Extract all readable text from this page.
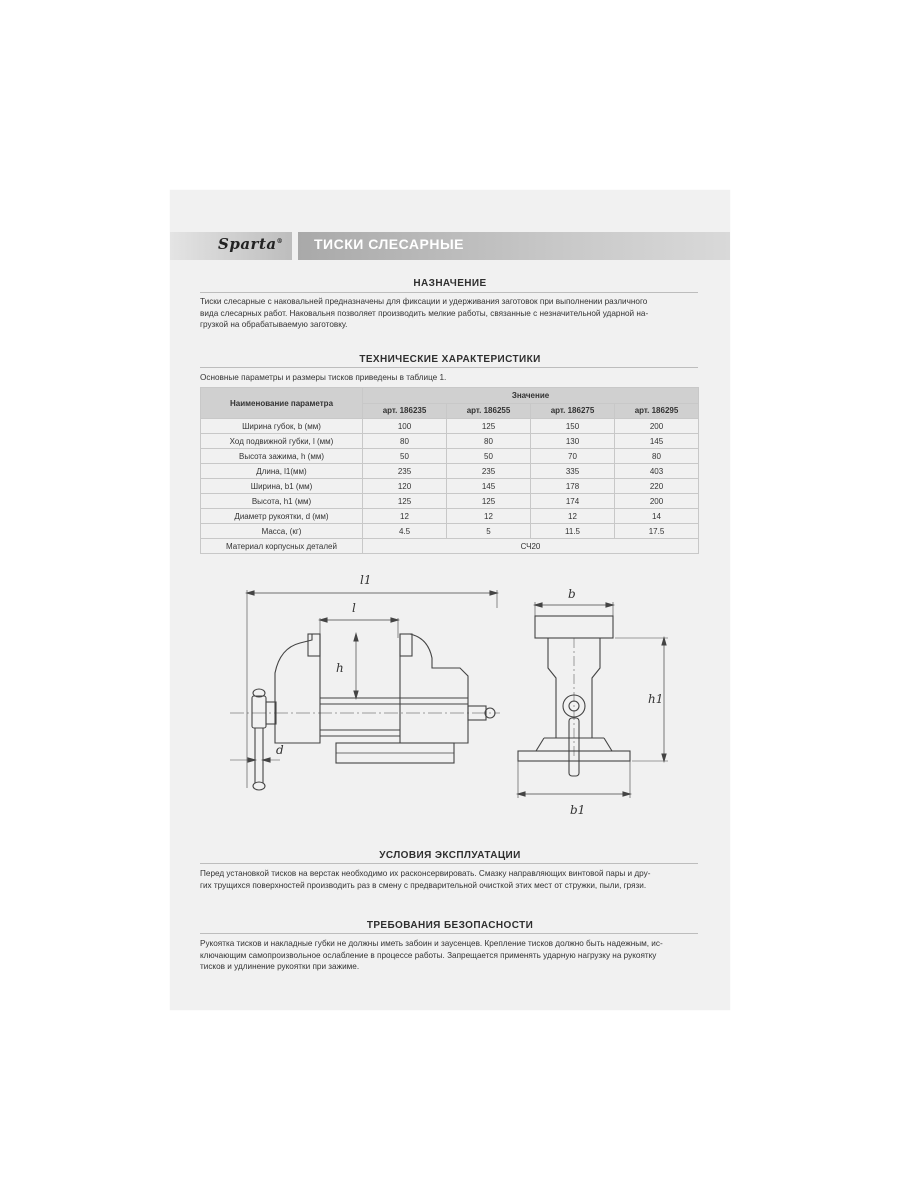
Sparta® ТИСКИ СЛЕСАРНЫЕ
НАЗНАЧЕНИЕ
Тиски слесарные с наковальней предназначены для фиксации и удерживания заготовок при выполнении различного
вида слесарных работ. Наковальня позволяет производить мелкие работы, связанные с незначительной ударной на-
грузкой на обрабатываемую заготовку.
ТЕХНИЧЕСКИЕ ХАРАКТЕРИСТИКИ
Основные параметры и размеры тисков приведены в таблице 1.
Наименование параметра	Значение			
	арт. 186235	арт. 186255	арт. 186275	арт. 186295
Ширина губок, b (мм)	100	125	150	200
Ход подвижной губки, l (мм)	80	80	130	145
Высота зажима, h (мм)	50	50	70	80
Длина, l1(мм)	235	235	335	403
Ширина, b1 (мм)	120	145	178	220
Высота, h1 (мм)	125	125	174	200
Диаметр рукоятки, d (мм)	12	12	12	14
Масса, (кг)	4.5	5	11.5	17.5
Материал корпусных деталей	СЧ20			
l1
l
h
d
b
h1
b1
УСЛОВИЯ ЭКСПЛУАТАЦИИ
Перед установкой тисков на верстак необходимо их расконсервировать. Смазку направляющих винтовой пары и дру-
гих трущихся поверхностей производить раз в смену с предварительной очисткой этих мест от стружки, пыли, грязи.
ТРЕБОВАНИЯ БЕЗОПАСНОСТИ
Рукоятка тисков и накладные губки не должны иметь забоин и заусенцев. Крепление тисков должно быть надежным, ис-
ключающим самопроизвольное ослабление в процессе работы. Запрещается применять ударную нагрузку на рукоятку
тисков и удлинение рукоятки при зажиме.
